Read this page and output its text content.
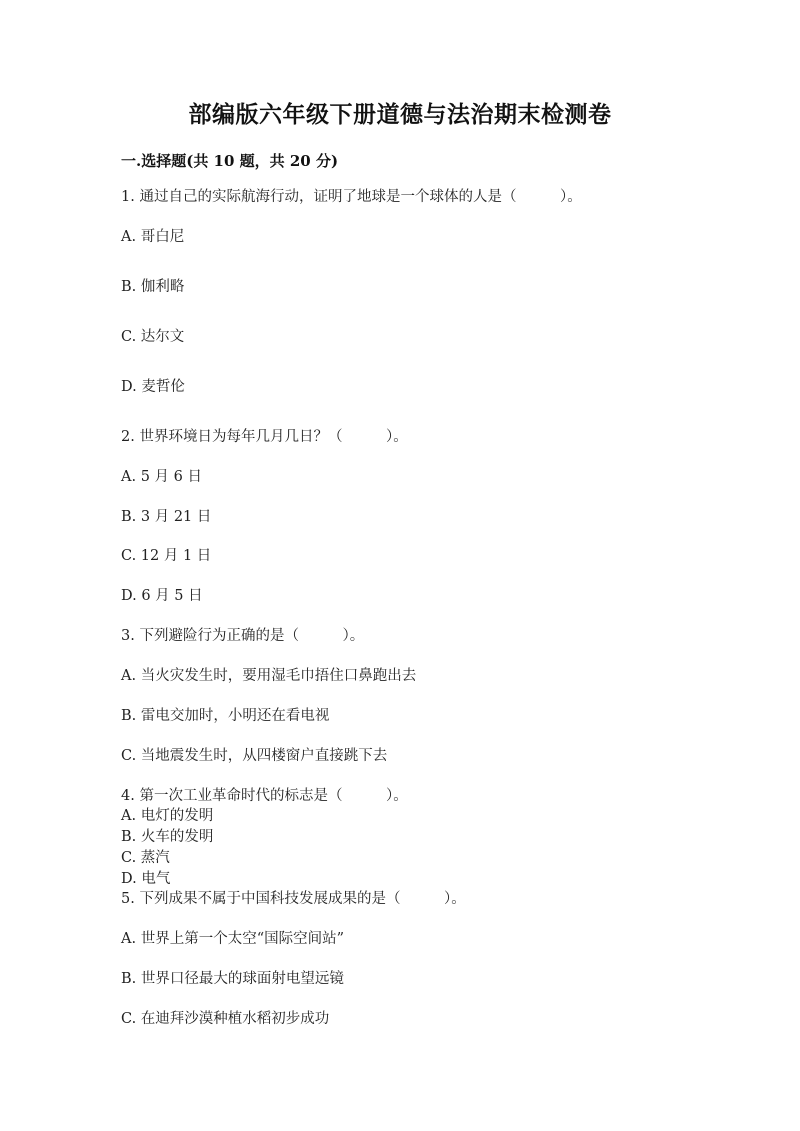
部编版六年级下册道德与法治期末检测卷
一.选择题(共 10 题，共 20 分)
1. 通过自己的实际航海行动，证明了地球是一个球体的人是（　　　）。
A. 哥白尼
B. 伽利略
C. 达尔文
D. 麦哲伦
2. 世界环境日为每年几月几日？（　　　）。
A. 5 月 6 日
B. 3 月 21 日
C. 12 月 1 日
D. 6 月 5 日
3. 下列避险行为正确的是（　　　）。
A. 当火灾发生时，要用湿毛巾捂住口鼻跑出去
B. 雷电交加时，小明还在看电视
C. 当地震发生时，从四楼窗户直接跳下去
4. 第一次工业革命时代的标志是（　　　）。
A. 电灯的发明
B. 火车的发明
C. 蒸汽
D. 电气
5. 下列成果不属于中国科技发展成果的是（　　　）。
A. 世界上第一个太空“国际空间站”
B. 世界口径最大的球面射电望远镜
C. 在迪拜沙漠种植水稻初步成功
